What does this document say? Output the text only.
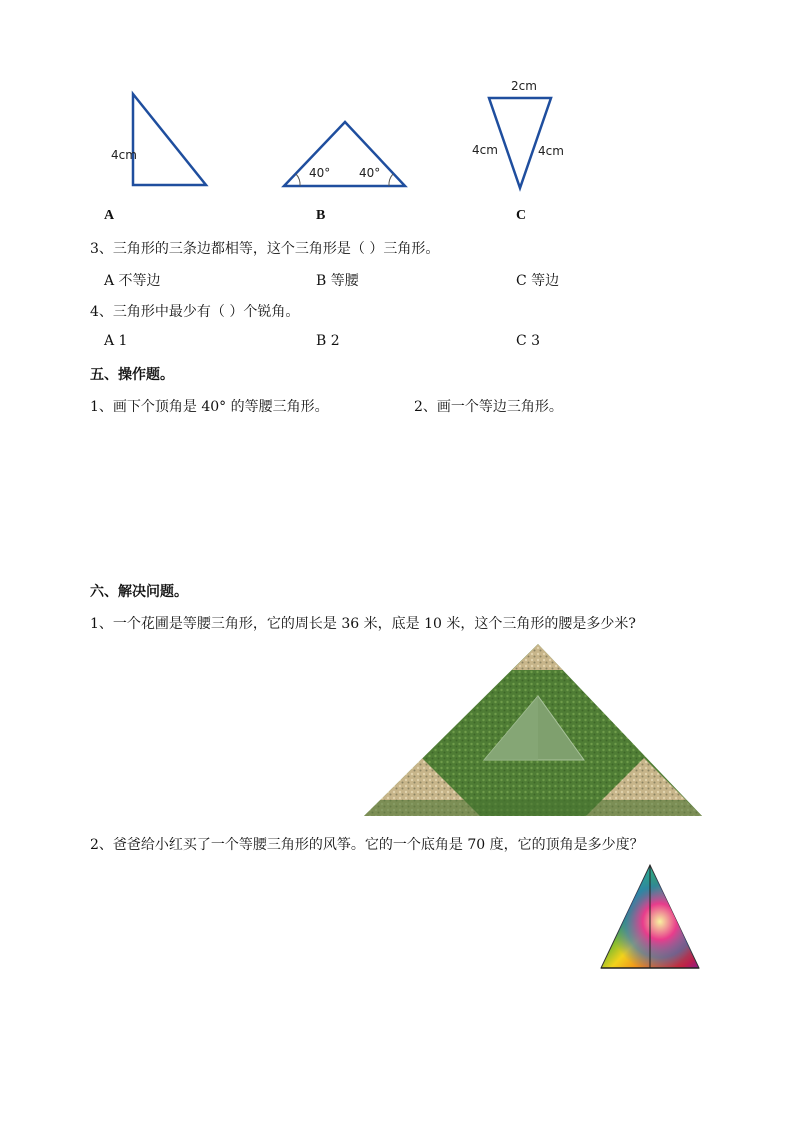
4cm
A
40° 40°
B
2cm
4cm	4cm
C
3、三角形的三条边都相等，这个三角形是（ ）三角形。
A 不等边	B 等腰	C 等边
4、三角形中最少有（ ）个锐角。
A 1	B 2	C 3
五、操作题。
1、画下个顶角是 40° 的等腰三角形。	2、画一个等边三角形。
六、解决问题。
1、一个花圃是等腰三角形，它的周长是 36 米，底是 10 米，这个三角形的腰是多少米?
2、爸爸给小红买了一个等腰三角形的风筝。它的一个底角是 70 度，它的顶角是多少度？
